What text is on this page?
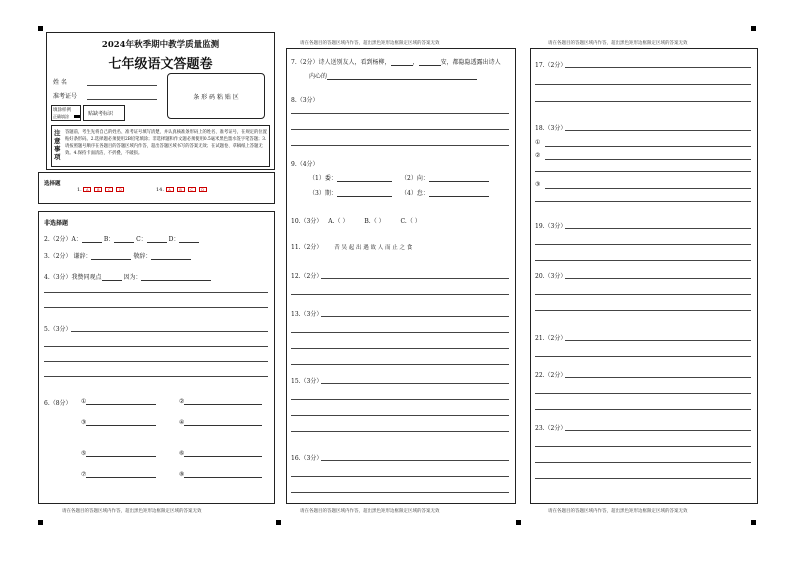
请在各题目的答题区域内作答，超出黑色矩形边框限定区域的答案无效	请在各题目的答题区域内作答，超出黑色矩形边框限定区域的答案无效
请在各题目的答题区域内作答，超出黑色矩形边框限定区域的答案无效	请在各题目的答题区域内作答，超出黑色矩形边框限定区域的答案无效	请在各题目的答题区域内作答，超出黑色矩形边框限定区域的答案无效
2024年秋季期中教学质量监测
七年级语文答题卷
姓 名
准考证号	条 形 码 粘 贴 区
填涂样例
正确填涂	贴缺考标识
注意事项
答题前，考生先将自己的姓名、准考证号填写清楚，并认真核准条形码上的姓名、准考证号，在规定的位置贴好条形码。2.选择题必须使用2B铅笔填涂；非选择题和作文题必须使用0.5毫米黑色墨水签字笔答题；3.请按照题号顺序在各题目的答题区域内作答，超出答题区域书写的答案无效；在试题卷、草稿纸上答题无效。4.保持卡面清洁，不折叠，不破损。
选择题
1. A B C D	14. A B C D
非选择题
2.（2分）A：	B：	C：	D：
3.（2分） 谦辞：	敬辞：
4.（3分）我赞同观点	因为：
5.（3分）
6.（8分） ①	②
③	④
⑤	⑥
⑦	⑧
7.（2分）诗人送别友人，看到杨柳，	，	安，都隐隐透露出诗人
内心的
8.（3分）
9.（4分）
（1）委：	（2）向：
（3）期：	（4）怠：
10.（3分） A.（ ）	B.（ ）	C.（ ）
11.（2分） 昔 吴 起 出 遇 故 人 而 止 之 食
12.（2分）
13.（3分）
15.（3分）
16.（3分）
17.（2分）
18.（3分）
①
②
③
19.（3分）
20.（3分）
21.（2分）
22.（2分）
23.（2分）
